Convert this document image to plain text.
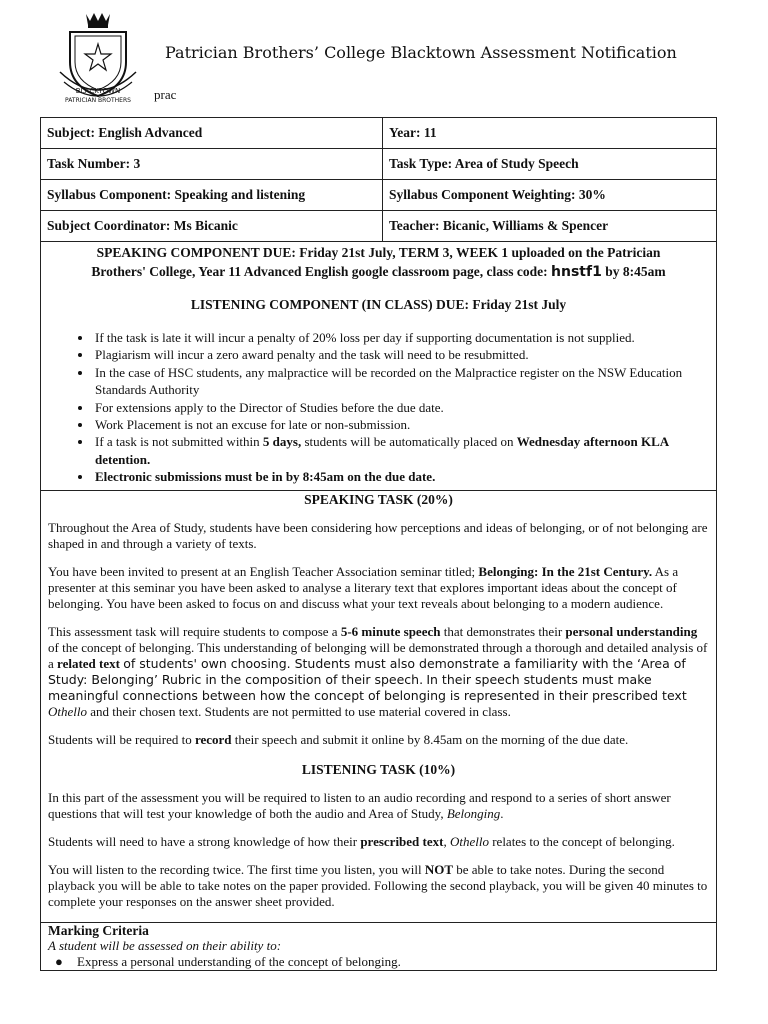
BLACKTOWN
PATRICIAN BROTHERS
Patrician Brothers’ College Blacktown Assessment Notification
prac
Subject: English Advanced	Year: 11
Task Number: 3	Task Type: Area of Study Speech
Syllabus Component: Speaking and listening	Syllabus Component Weighting: 30%
Subject Coordinator: Ms Bicanic	Teacher: Bicanic, Williams & Spencer
SPEAKING COMPONENT DUE: Friday 21st July, TERM 3, WEEK 1 uploaded on the Patrician
Brothers' College, Year 11 Advanced English google classroom page, class code: hnstf1 by 8:45am
LISTENING COMPONENT (IN CLASS) DUE: Friday 21st July
• If the task is late it will incur a penalty of 20% loss per day if supporting documentation is not supplied.
• Plagiarism will incur a zero award penalty and the task will need to be resubmitted.
• In the case of HSC students, any malpractice will be recorded on the Malpractice register on the NSW Education Standards Authority
• For extensions apply to the Director of Studies before the due date.
• Work Placement is not an excuse for late or non-submission.
• If a task is not submitted within 5 days, students will be automatically placed on Wednesday afternoon KLA detention.
• Electronic submissions must be in by 8:45am on the due date.
SPEAKING TASK (20%)

Throughout the Area of Study, students have been considering how perceptions and ideas of belonging, or of not belonging are shaped in and through a variety of texts.

You have been invited to present at an English Teacher Association seminar titled; Belonging: In the 21st Century. As a presenter at this seminar you have been asked to analyse a literary text that explores important ideas about the concept of belonging. You have been asked to focus on and discuss what your text reveals about belonging to a modern audience.

This assessment task will require students to compose a 5-6 minute speech that demonstrates their personal understanding of the concept of belonging. This understanding of belonging will be demonstrated through a thorough and detailed analysis of a related text of students' own choosing. Students must also demonstrate a familiarity with the ‘Area of Study: Belonging’ Rubric in the composition of their speech. In their speech students must make meaningful connections between how the concept of belonging is represented in their prescribed text Othello and their chosen text. Students are not permitted to use material covered in class.

Students will be required to record their speech and submit it online by 8.45am on the morning of the due date.

LISTENING TASK (10%)

In this part of the assessment you will be required to listen to an audio recording and respond to a series of short answer questions that will test your knowledge of both the audio and Area of Study, Belonging.

Students will need to have a strong knowledge of how their prescribed text, Othello relates to the concept of belonging.

You will listen to the recording twice. The first time you listen, you will NOT be able to take notes. During the second playback you will be able to take notes on the paper provided. Following the second playback, you will be given 40 minutes to complete your responses on the answer sheet provided.

Marking Criteria
A student will be assessed on their ability to:
● Express a personal understanding of the concept of belonging.
